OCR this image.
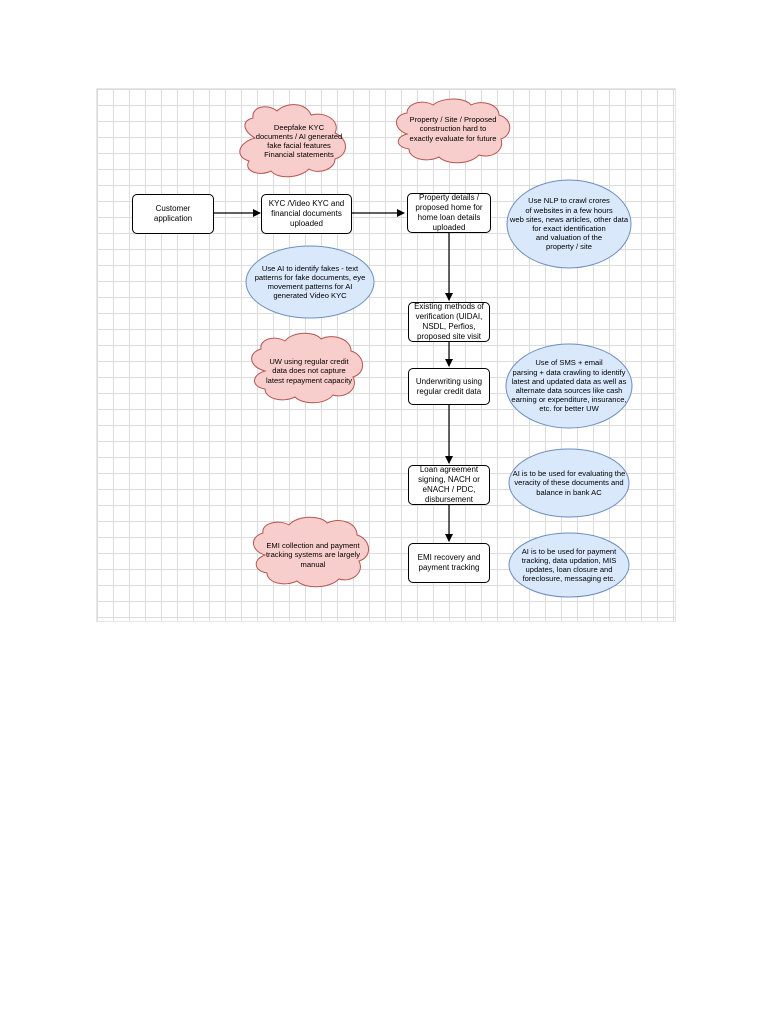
Customer application
KYC /Video KYC and
financial documents
uploaded
Property details /
proposed home for
home loan details
uploaded
Existing methods of
verification (UIDAI,
NSDL, Perfios,
proposed site visit
Underwriting using
regular credit data
Loan agreement
signing, NACH or
eNACH / PDC,
disbursement
EMI recovery and
payment tracking
Deepfake KYC
documents / AI generated
fake facial features
Financial statements
Property / Site / Proposed
construction hard to
exactly evaluate for future
UW using regular credit
data does not capture
latest repayment capacity
EMI collection and payment
tracking systems are largely
manual
Use NLP to crawl crores
of websites in a few hours
web sites, news articles, other data
for exact identification
and valuation of the
property / site
Use AI to identify fakes - text
patterns for fake documents, eye
movement patterns for AI
generated Video KYC
Use of SMS + email
parsing + data crawling to identify
latest and updated data as well as
alternate data sources like cash
earning or expenditure, insurance,
etc. for better UW
AI is to be used for evaluating the
veracity of these documents and
balance in bank AC
AI is to be used for payment
tracking, data updation, MIS
updates, loan closure and
foreclosure, messaging etc.
